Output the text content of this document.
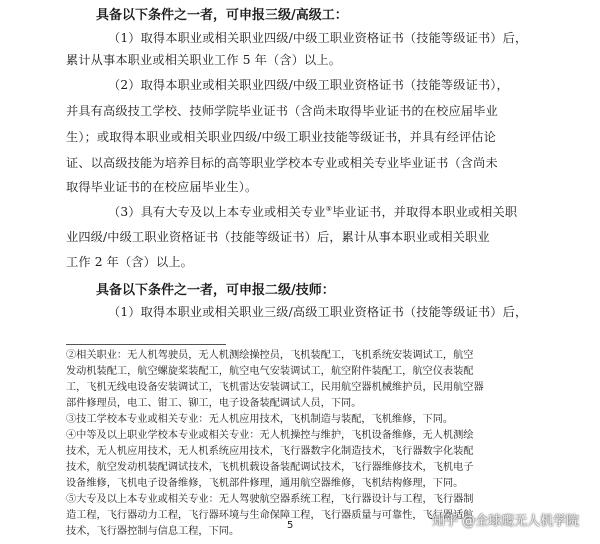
具备以下条件之一者，可申报三级/高级工：
（1）取得本职业或相关职业四级/中级工职业资格证书（技能等级证书）后，
累计从事本职业或相关职业工作 5 年（含）以上。
（2）取得本职业或相关职业四级/中级工职业资格证书（技能等级证书），
并具有高级技工学校、技师学院毕业证书（含尚未取得毕业证书的在校应届毕业
生）；或取得本职业或相关职业四级/中级工职业技能等级证书，并具有经评估论
证、以高级技能为培养目标的高等职业学校本专业或相关专业毕业证书（含尚未
取得毕业证书的在校应届毕业生）。
（3）具有大专及以上本专业或相关专业⑤毕业证书，并取得本职业或相关职
业四级/中级工职业资格证书（技能等级证书）后，累计从事本职业或相关职业
工作 2 年（含）以上。
具备以下条件之一者，可申报二级/技师：
（1）取得本职业或相关职业三级/高级工职业资格证书（技能等级证书）后，
②相关职业：无人机驾驶员，无人机测绘操控员，飞机装配工，飞机系统安装调试工，航空
发动机装配工，航空螺旋桨装配工，航空电气安装调试工，航空附件装配工，航空仪表装配
工，飞机无线电设备安装调试工，飞机雷达安装调试工，民用航空器机械维护员，民用航空器
部件修理员，电工、钳工、铆工，电子设备装配调试人员，下同。
③技工学校本专业或相关专业：无人机应用技术，飞机制造与装配，飞机维修，下同。
④中等及以上职业学校本专业或相关专业：无人机操控与维护，飞机设备维修，无人机测绘
技术，无人机应用技术，无人机系统应用技术，飞行器数字化制造技术，飞行器数字化装配
技术，航空发动机装配调试技术，飞机机载设备装配调试技术，飞行器维修技术，飞机电子
设备维修，飞机电子设备维修，飞机部件修理，通用航空器维修，飞机结构修理，下同。
⑤大专及以上本专业或相关专业：无人驾驶航空器系统工程，飞行器设计与工程，飞行器制
造工程，飞行器动力工程，飞行器环境与生命保障工程，飞行器质量与可靠性，飞行器适航
技术，飞行器控制与信息工程，下同。
5	知乎 @全球鹰无人机学院
